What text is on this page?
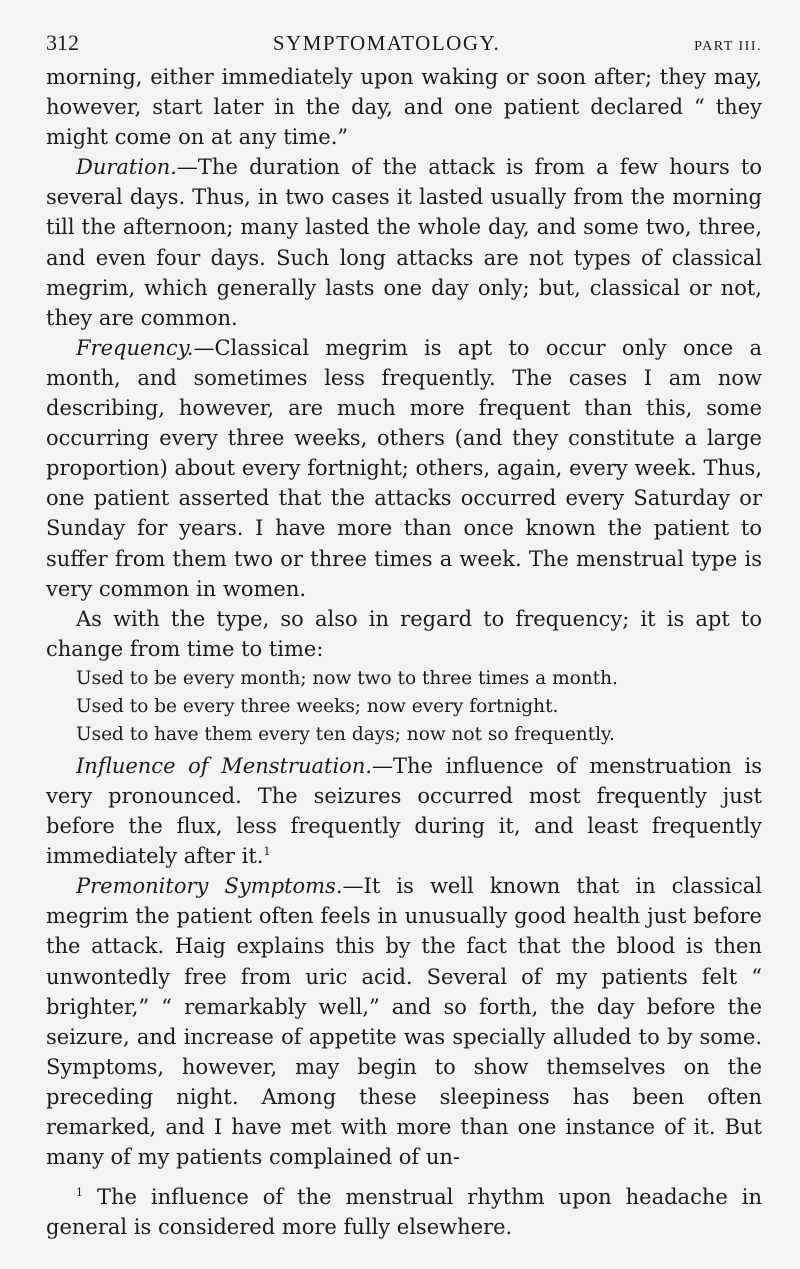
312	SYMPTOMATOLOGY.	PART III.

morning, either immediately upon waking or soon after; they may, however, start later in the day, and one patient declared “ they might come on at any time.”

Duration.—The duration of the attack is from a few hours to several days. Thus, in two cases it lasted usually from the morning till the afternoon; many lasted the whole day, and some two, three, and even four days. Such long attacks are not types of classical megrim, which generally lasts one day only; but, classical or not, they are common.

Frequency.—Classical megrim is apt to occur only once a month, and sometimes less frequently. The cases I am now describing, however, are much more frequent than this, some occurring every three weeks, others (and they constitute a large proportion) about every fortnight; others, again, every week. Thus, one patient asserted that the attacks occurred every Saturday or Sunday for years. I have more than once known the patient to suffer from them two or three times a week. The menstrual type is very common in women.

As with the type, so also in regard to frequency; it is apt to change from time to time:

Used to be every month; now two to three times a month.
Used to be every three weeks; now every fortnight.
Used to have them every ten days; now not so frequently.

Influence of Menstruation.—The influence of menstruation is very pronounced. The seizures occurred most frequently just before the flux, less frequently during it, and least frequently immediately after it.$^1$

Premonitory Symptoms.—It is well known that in classical megrim the patient often feels in unusually good health just before the attack. Haig explains this by the fact that the blood is then unwontedly free from uric acid. Several of my patients felt “ brighter,” “ remarkably well,” and so forth, the day before the seizure, and increase of appetite was specially alluded to by some. Symptoms, however, may begin to show themselves on the preceding night. Among these sleepiness has been often remarked, and I have met with more than one instance of it. But many of my patients complained of un-

$^1$ The influence of the menstrual rhythm upon headache in general is considered more fully elsewhere.
